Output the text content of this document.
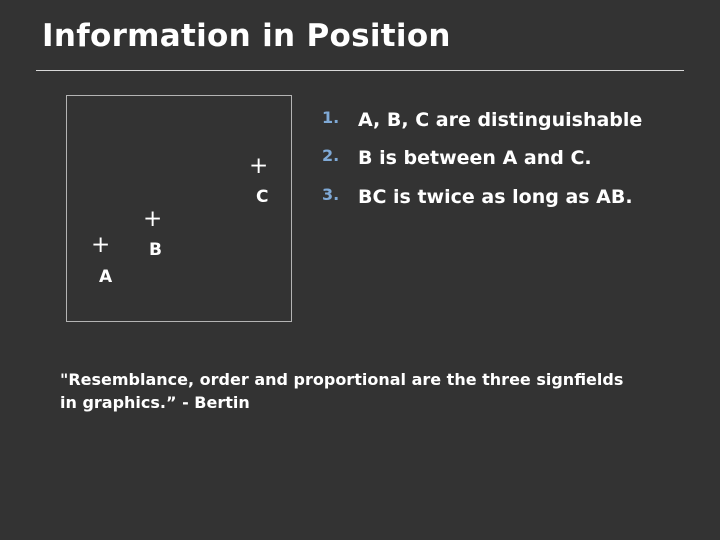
Information in Position
+
C
+
B
+
A
1. A, B, C are distinguishable
2. B is between A and C.
3. BC is twice as long as AB.
"Resemblance, order and proportional are the three signfields in graphics.” - Bertin
